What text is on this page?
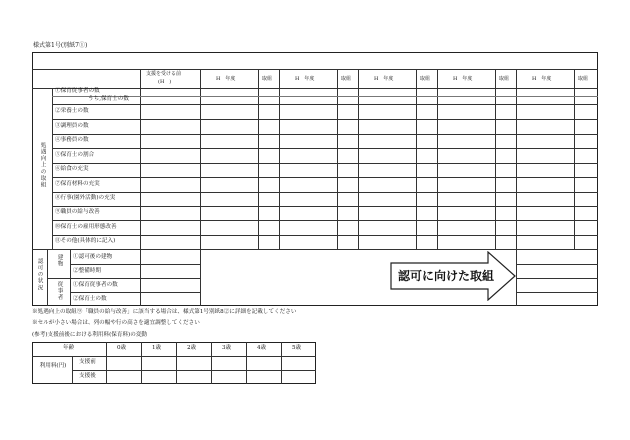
様式第1号(別紙7①)
支援を受ける前
(H　)	H　年度	取組	H　年度	取組	H　年度	取組	H　年度	取組	H　年度	取組
処遇向上の取組
①保育従事者の数
うち,保育士の数
②栄養士の数
③調理員の数
④事務員の数
⑤保育士の割合
⑥給食の充実
⑦保育材料の充実
⑧行事(園外活動)の充実
⑨職員の給与改善
⑩保育士の雇用形態改善
⑪その他(具体的に記入)
認可の状況	建物
従事者
①認可後の建物
②整備時期
①保育従事者の数
②保育士の数
認可に向けた取組
※処遇向上の取組⑨「職員の給与改善」に該当する場合は、様式第1号別紙8②に詳細を記載してください
※セルが小さい場合は、列の幅や行の高さを適宜調整してください
(参考)支援前後における利用料(保育料)の変動
年齢	0歳	1歳	2歳	3歳	4歳	5歳
利用料(円)
支援前
支援後
